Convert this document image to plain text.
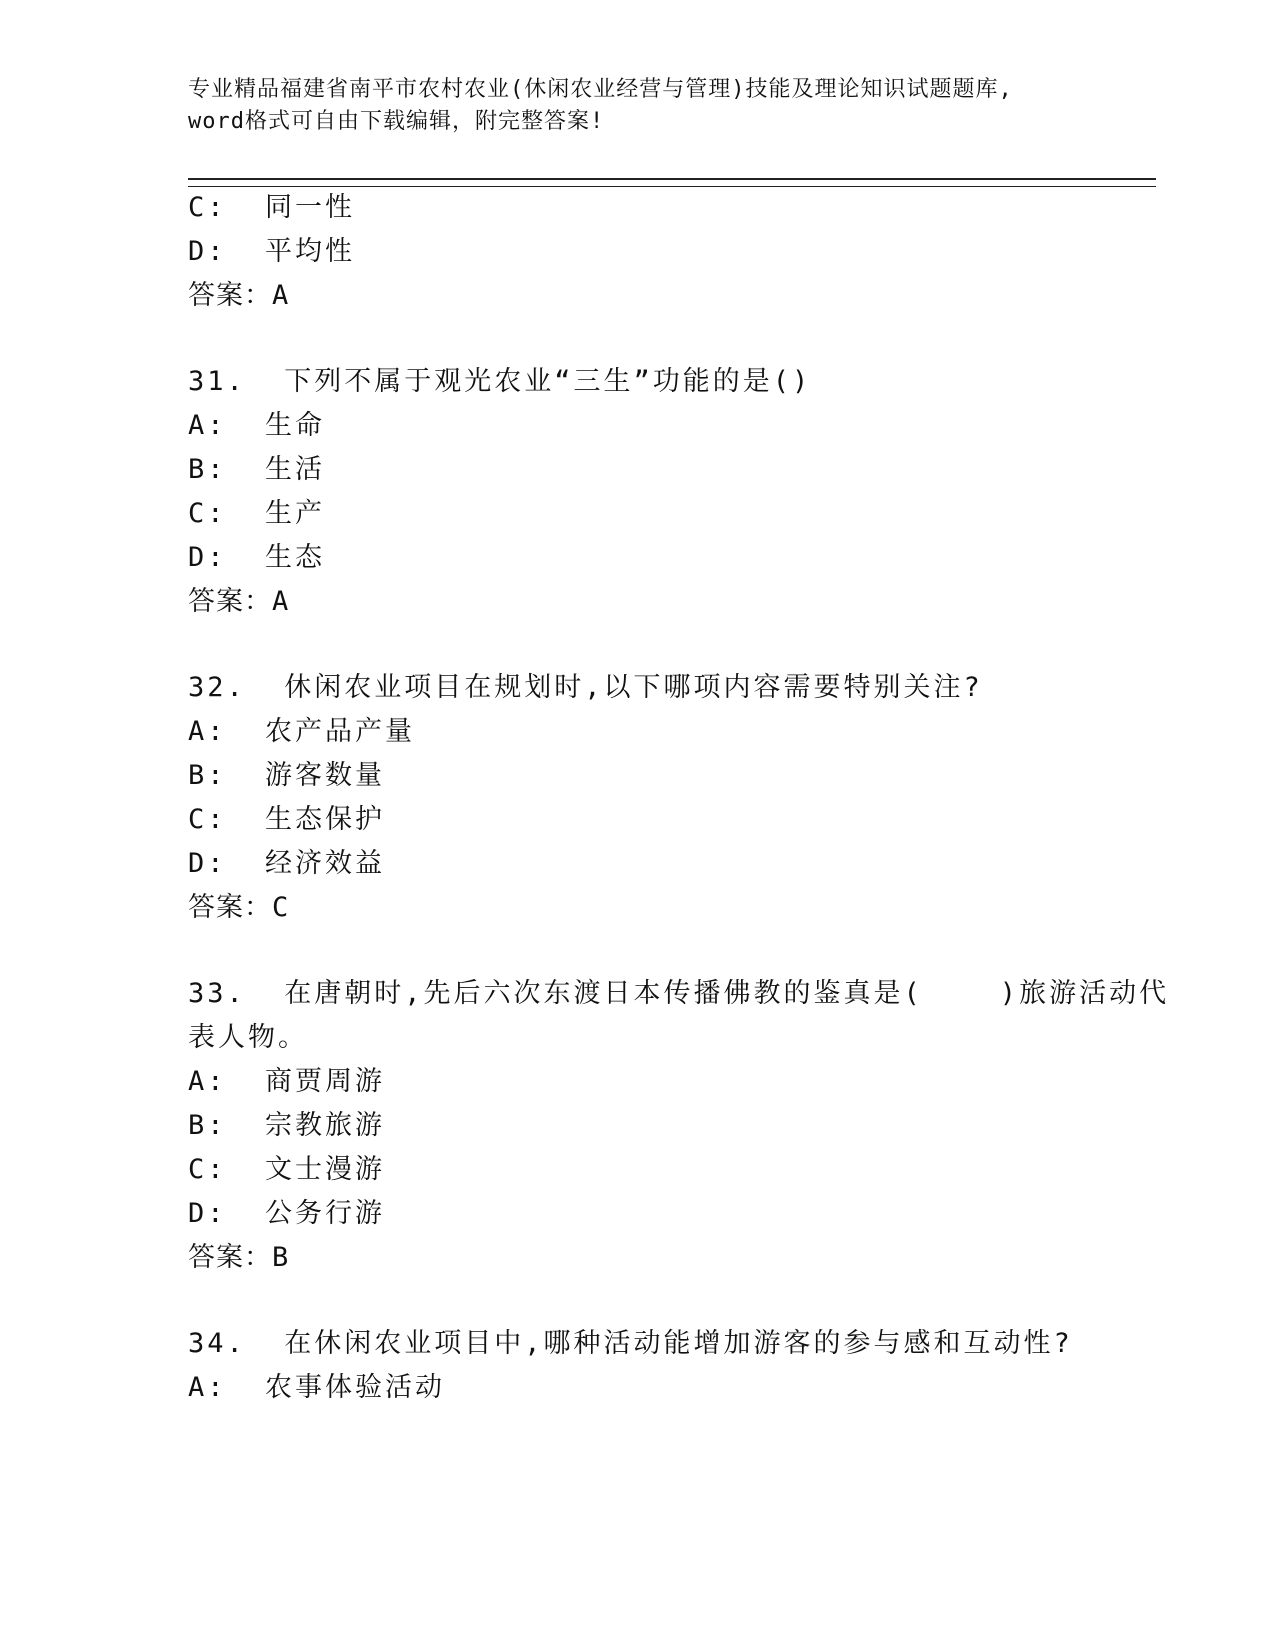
专业精品福建省南平市农村农业(休闲农业经营与管理)技能及理论知识试题题库,
word格式可自由下载编辑，附完整答案!
C:  同一性
D:  平均性
答案：A
31.  下列不属于观光农业“三生”功能的是()
A:  生命
B:  生活
C:  生产
D:  生态
答案：A
32.  休闲农业项目在规划时,以下哪项内容需要特别关注?
A:  农产品产量
B:  游客数量
C:  生态保护
D:  经济效益
答案：C
33.  在唐朝时,先后六次东渡日本传播佛教的鉴真是(    )旅游活动代
表人物。
A:  商贾周游
B:  宗教旅游
C:  文士漫游
D:  公务行游
答案：B
34.  在休闲农业项目中,哪种活动能增加游客的参与感和互动性?
A:  农事体验活动
